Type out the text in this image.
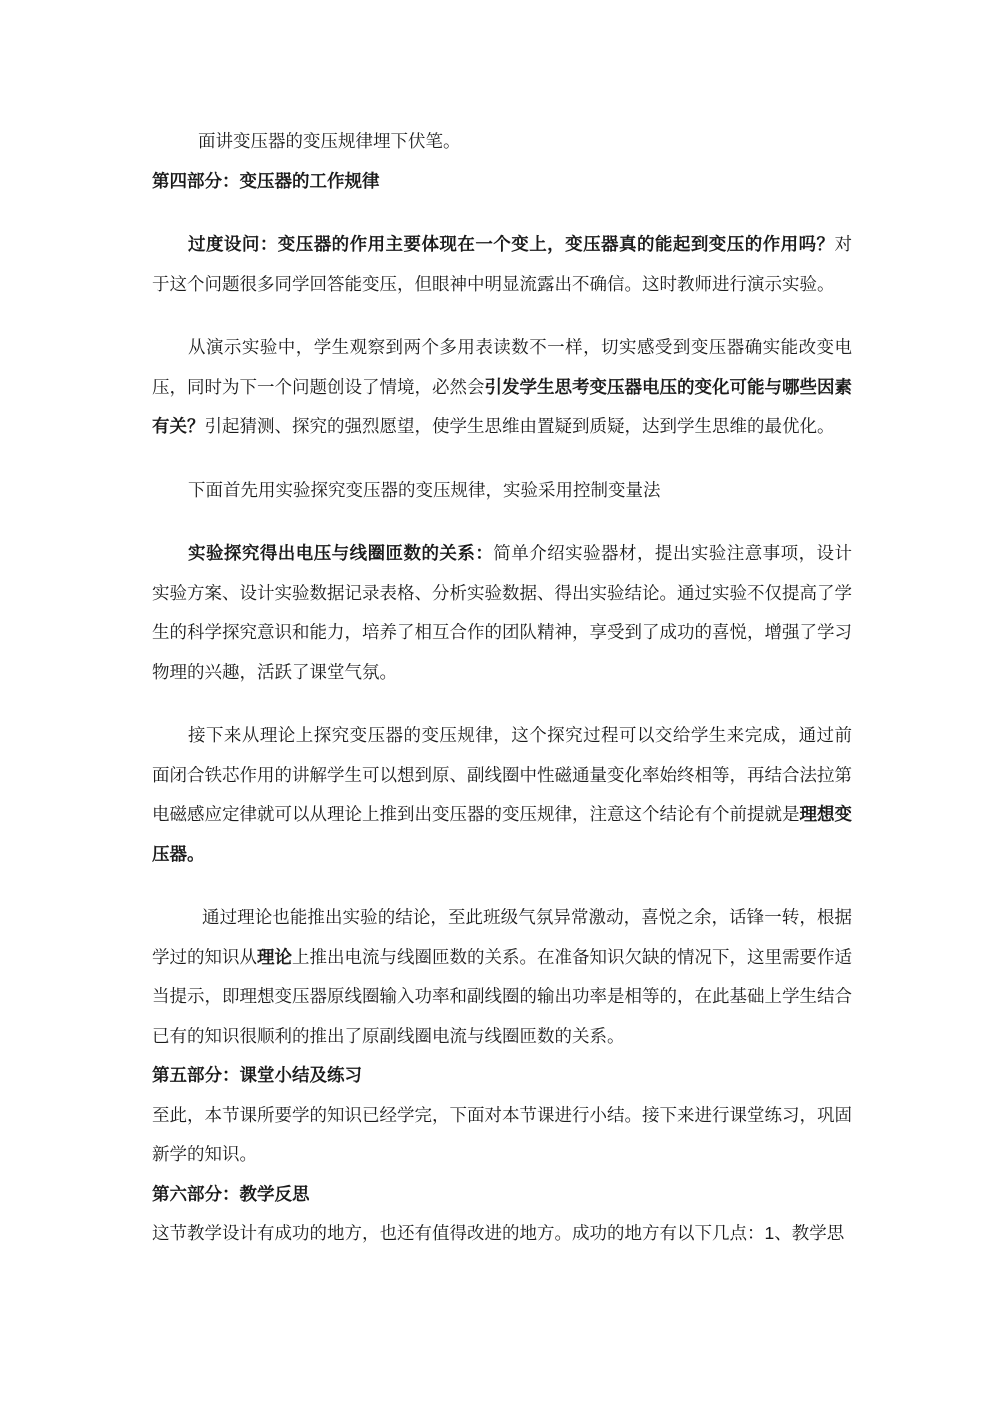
面讲变压器的变压规律埋下伏笔。

第四部分：变压器的工作规律

过度设问：变压器的作用主要体现在一个变上，变压器真的能起到变压的作用吗？对于这个问题很多同学回答能变压，但眼神中明显流露出不确信。这时教师进行演示实验。

从演示实验中，学生观察到两个多用表读数不一样，切实感受到变压器确实能改变电压，同时为下一个问题创设了情境，必然会引发学生思考变压器电压的变化可能与哪些因素有关？引起猜测、探究的强烈愿望，使学生思维由置疑到质疑，达到学生思维的最优化。

下面首先用实验探究变压器的变压规律，实验采用控制变量法

实验探究得出电压与线圈匝数的关系：简单介绍实验器材，提出实验注意事项，设计实验方案、设计实验数据记录表格、分析实验数据、得出实验结论。通过实验不仅提高了学生的科学探究意识和能力，培养了相互合作的团队精神，享受到了成功的喜悦，增强了学习物理的兴趣，活跃了课堂气氛。

接下来从理论上探究变压器的变压规律，这个探究过程可以交给学生来完成，通过前面闭合铁芯作用的讲解学生可以想到原、副线圈中性磁通量变化率始终相等，再结合法拉第电磁感应定律就可以从理论上推到出变压器的变压规律，注意这个结论有个前提就是理想变压器。

通过理论也能推出实验的结论，至此班级气氛异常激动，喜悦之余，话锋一转，根据学过的知识从理论上推出电流与线圈匝数的关系。在准备知识欠缺的情况下，这里需要作适当提示，即理想变压器原线圈输入功率和副线圈的输出功率是相等的，在此基础上学生结合已有的知识很顺利的推出了原副线圈电流与线圈匝数的关系。

第五部分：课堂小结及练习

至此，本节课所要学的知识已经学完，下面对本节课进行小结。接下来进行课堂练习，巩固新学的知识。

第六部分：教学反思

这节教学设计有成功的地方，也还有值得改进的地方。成功的地方有以下几点：1、教学思
